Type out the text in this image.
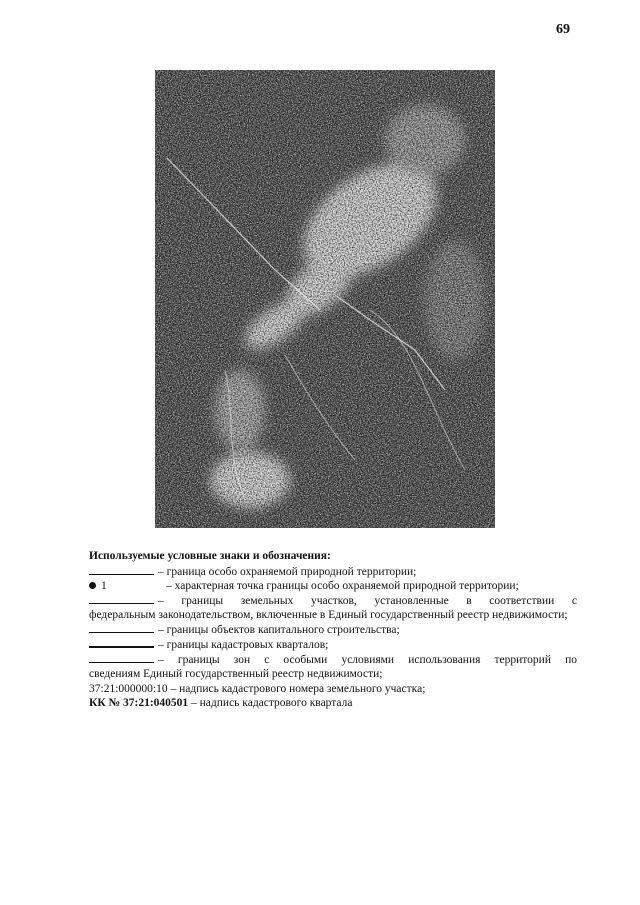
69
Используемые условные знаки и обозначения:
– граница особо охраняемой природной территории;
1	– характерная точка границы особо охраняемой природной территории;
– границы земельных участков, установленные в соответствии с
федеральным законодательством, включенные в Единый государственный реестр недвижимости;
– границы объектов капитального строительства;
– границы кадастровых кварталов;
– границы зон с особыми условиями использования территорий по
сведениям Единый государственный реестр недвижимости;
37:21:000000:10 – надпись кадастрового номера земельного участка;
КК № 37:21:040501 – надпись кадастрового квартала
